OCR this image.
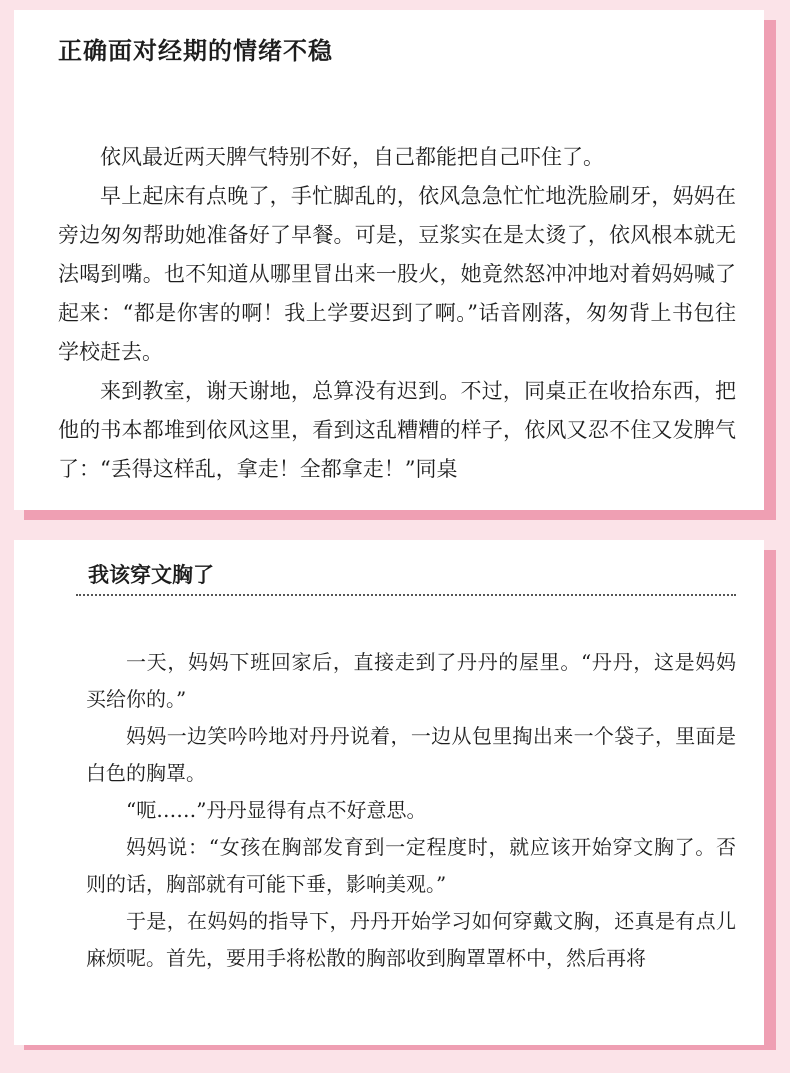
正确面对经期的情绪不稳

依风最近两天脾气特别不好，自己都能把自己吓住了。

早上起床有点晚了，手忙脚乱的，依风急急忙忙地洗脸刷牙，妈妈在旁边匆匆帮助她准备好了早餐。可是，豆浆实在是太烫了，依风根本就无法喝到嘴。也不知道从哪里冒出来一股火，她竟然怒冲冲地对着妈妈喊了起来：“都是你害的啊！我上学要迟到了啊。”话音刚落，匆匆背上书包往学校赶去。

来到教室，谢天谢地，总算没有迟到。不过，同桌正在收拾东西，把他的书本都堆到依风这里，看到这乱糟糟的样子，依风又忍不住又发脾气了：“丢得这样乱，拿走！全都拿走！”同桌

我该穿文胸了

一天，妈妈下班回家后，直接走到了丹丹的屋里。“丹丹，这是妈妈买给你的。”

妈妈一边笑吟吟地对丹丹说着，一边从包里掏出来一个袋子，里面是白色的胸罩。

“呃……”丹丹显得有点不好意思。

妈妈说：“女孩在胸部发育到一定程度时，就应该开始穿文胸了。否则的话，胸部就有可能下垂，影响美观。”

于是，在妈妈的指导下，丹丹开始学习如何穿戴文胸，还真是有点儿麻烦呢。首先，要用手将松散的胸部收到胸罩罩杯中，然后再将
